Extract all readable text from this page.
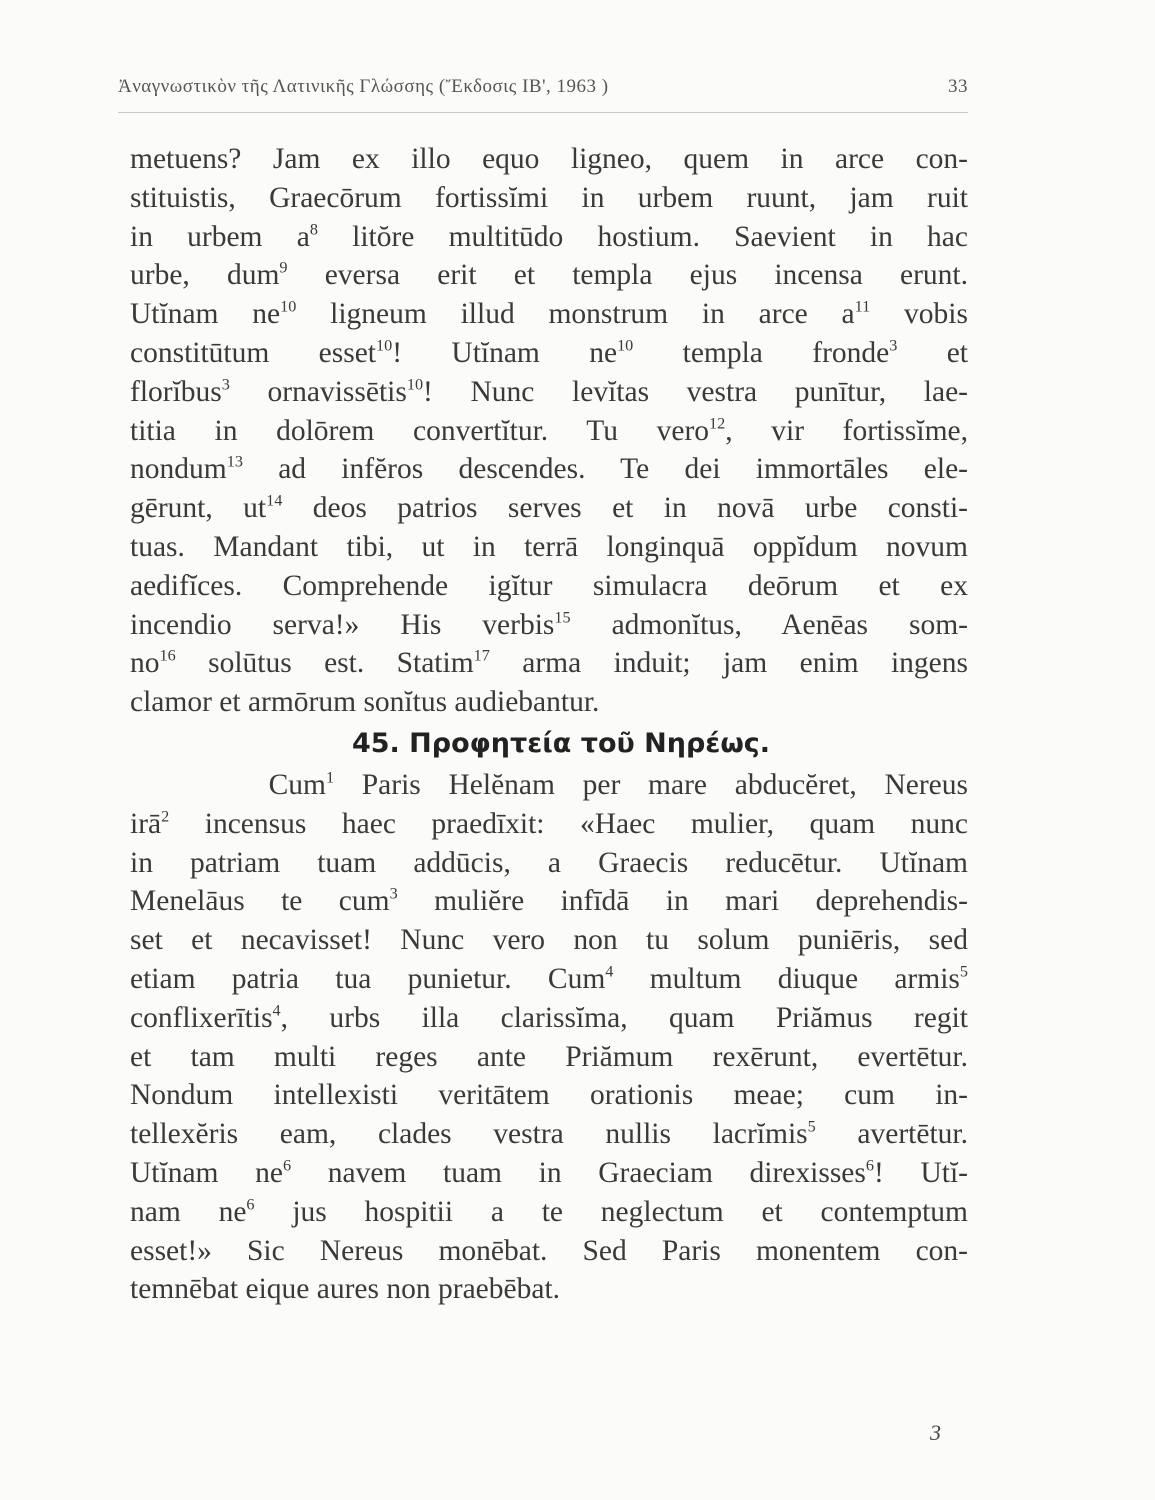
Ἀναγνωστικὸν τῆς Λατινικῆς Γλώσσης (Ἔκδοσις ΙΒ', 1963 )	33
metuens? Jam ex illo equo ligneo, quem in arce con-
stituistis, Graecōrum fortissĭmi in urbem ruunt, jam ruit
in urbem $a^8$ litŏre multitūdo hostium. Saevient in hac
urbe, dum$^9$ eversa erit et templa ejus incensa erunt.
Utĭnam $ne^{10}$ ligneum illud monstrum in arce $a^{11}$ vobis
constitūtum esset$^{10}$! Utĭnam $ne^{10}$ templa fronde$^3$ et
florĭbus$^3$ ornavissētis$^{10}$! Nunc levĭtas vestra punītur, lae-
titia in dolōrem convertĭtur. Tu vero$^{12}$, vir fortissĭme,
nondum$^{13}$ ad infĕros descendes. Te dei immortāles ele-
gērunt, $ut^{14}$ deos patrios serves et in novā urbe consti-
tuas. Mandant tibi, ut in terrā longinquā oppĭdum novum
aedifĭces. Comprehende igĭtur simulacra deōrum et ex
incendio serva!» His verbis$^{15}$ admonĭtus, Aenēas som-
$no^{16}$ solūtus est. Statim$^{17}$ arma induit; jam enim ingens
clamor et armōrum sonĭtus audiebantur.
45. Προφητεία τοῦ Νηρέως.
Cum$^1$ Paris Helĕnam per mare abducĕret, Nereus
irā$^2$ incensus haec praedīxit: «Haec mulier, quam nunc
in patriam tuam addūcis, a Graecis reducētur. Utĭnam
Menelāus te cum$^3$ muliĕre infīdā in mari deprehendis-
set et necavisset! Nunc vero non tu solum puniēris, sed
etiam patria tua punietur. Cum$^4$ multum diuque armis$^5$
conflixerītis$^4$, urbs illa clarissĭma, quam Priămus regit
et tam multi reges ante Priămum rexērunt, evertētur.
Nondum intellexisti veritātem orationis meae; cum in-
tellexĕris eam, clades vestra nullis lacrĭmis$^5$ avertētur.
Utĭnam $ne^6$ navem tuam in Graeciam direxisses$^6$! Utĭ-
nam $ne^6$ jus hospitii a te neglectum et contemptum
esset!» Sic Nereus monēbat. Sed Paris monentem con-
temnēbat eique aures non praebēbat.
3
